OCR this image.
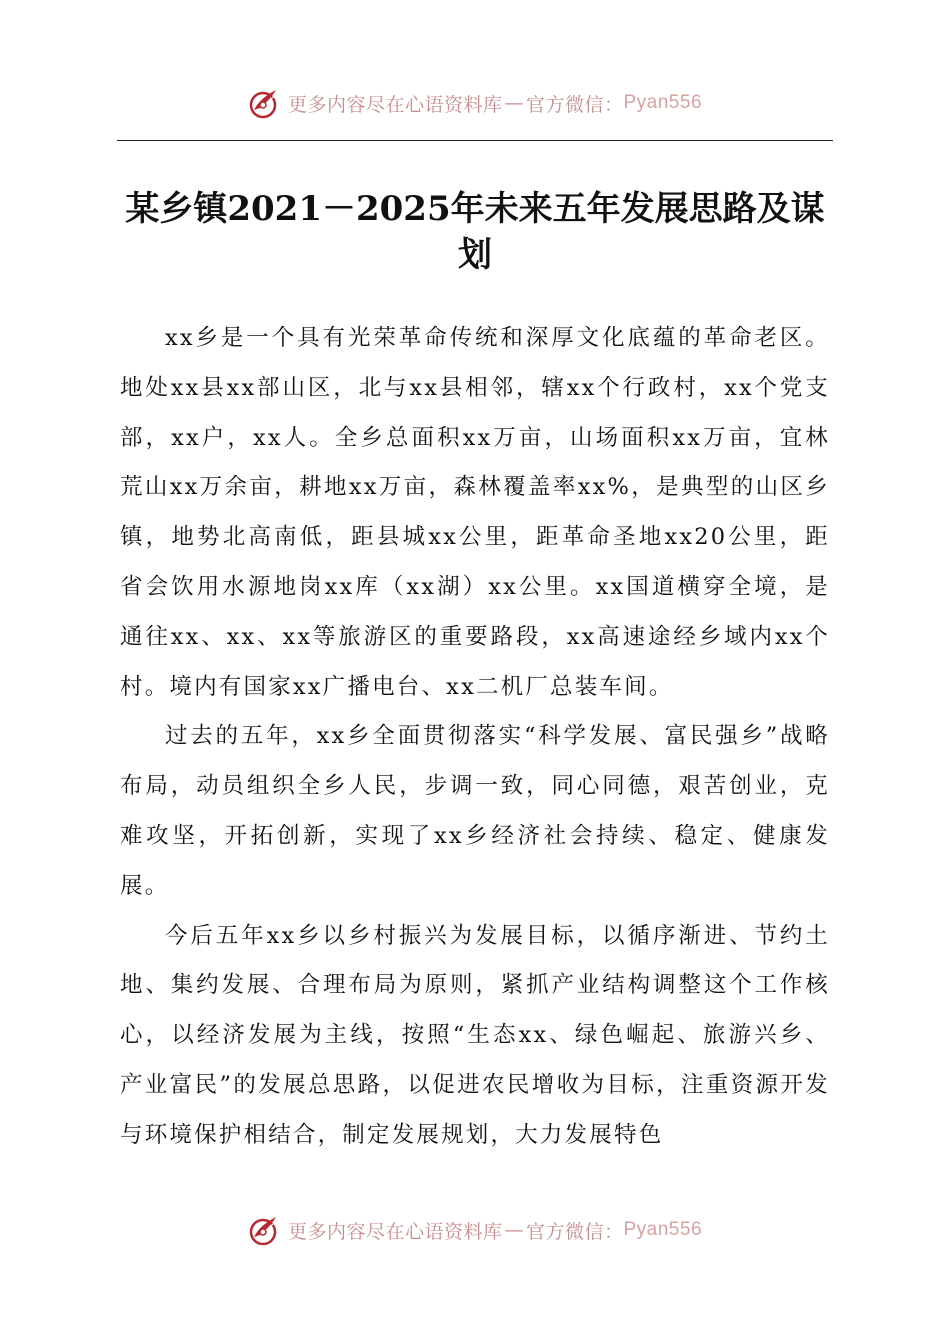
更多内容尽在心语资料库 — 官方微信： Pyan556
某乡镇2021－2025年未来五年发展思路及谋划

xx乡是一个具有光荣革命传统和深厚文化底蕴的革命老区。地处xx县xx部山区，北与xx县相邻，辖xx个行政村，xx个党支部，xx户，xx人。全乡总面积xx万亩，山场面积xx万亩，宜林荒山xx万余亩，耕地xx万亩，森林覆盖率xx%，是典型的山区乡镇，地势北高南低，距县城xx公里，距革命圣地xx20公里，距省会饮用水源地岗xx库（xx湖）xx公里。xx国道横穿全境，是通往xx、xx、xx等旅游区的重要路段，xx高速途经乡域内xx个村。境内有国家xx广播电台、xx二机厂总装车间。

过去的五年，xx乡全面贯彻落实“科学发展、富民强乡”战略布局，动员组织全乡人民，步调一致，同心同德，艰苦创业，克难攻坚，开拓创新，实现了xx乡经济社会持续、稳定、健康发展。

今后五年xx乡以乡村振兴为发展目标，以循序渐进、节约土地、集约发展、合理布局为原则，紧抓产业结构调整这个工作核心，以经济发展为主线，按照“生态xx、绿色崛起、旅游兴乡、产业富民”的发展总思路，以促进农民增收为目标，注重资源开发与环境保护相结合，制定发展规划，大力发展特色

更多内容尽在心语资料库 — 官方微信： Pyan556
